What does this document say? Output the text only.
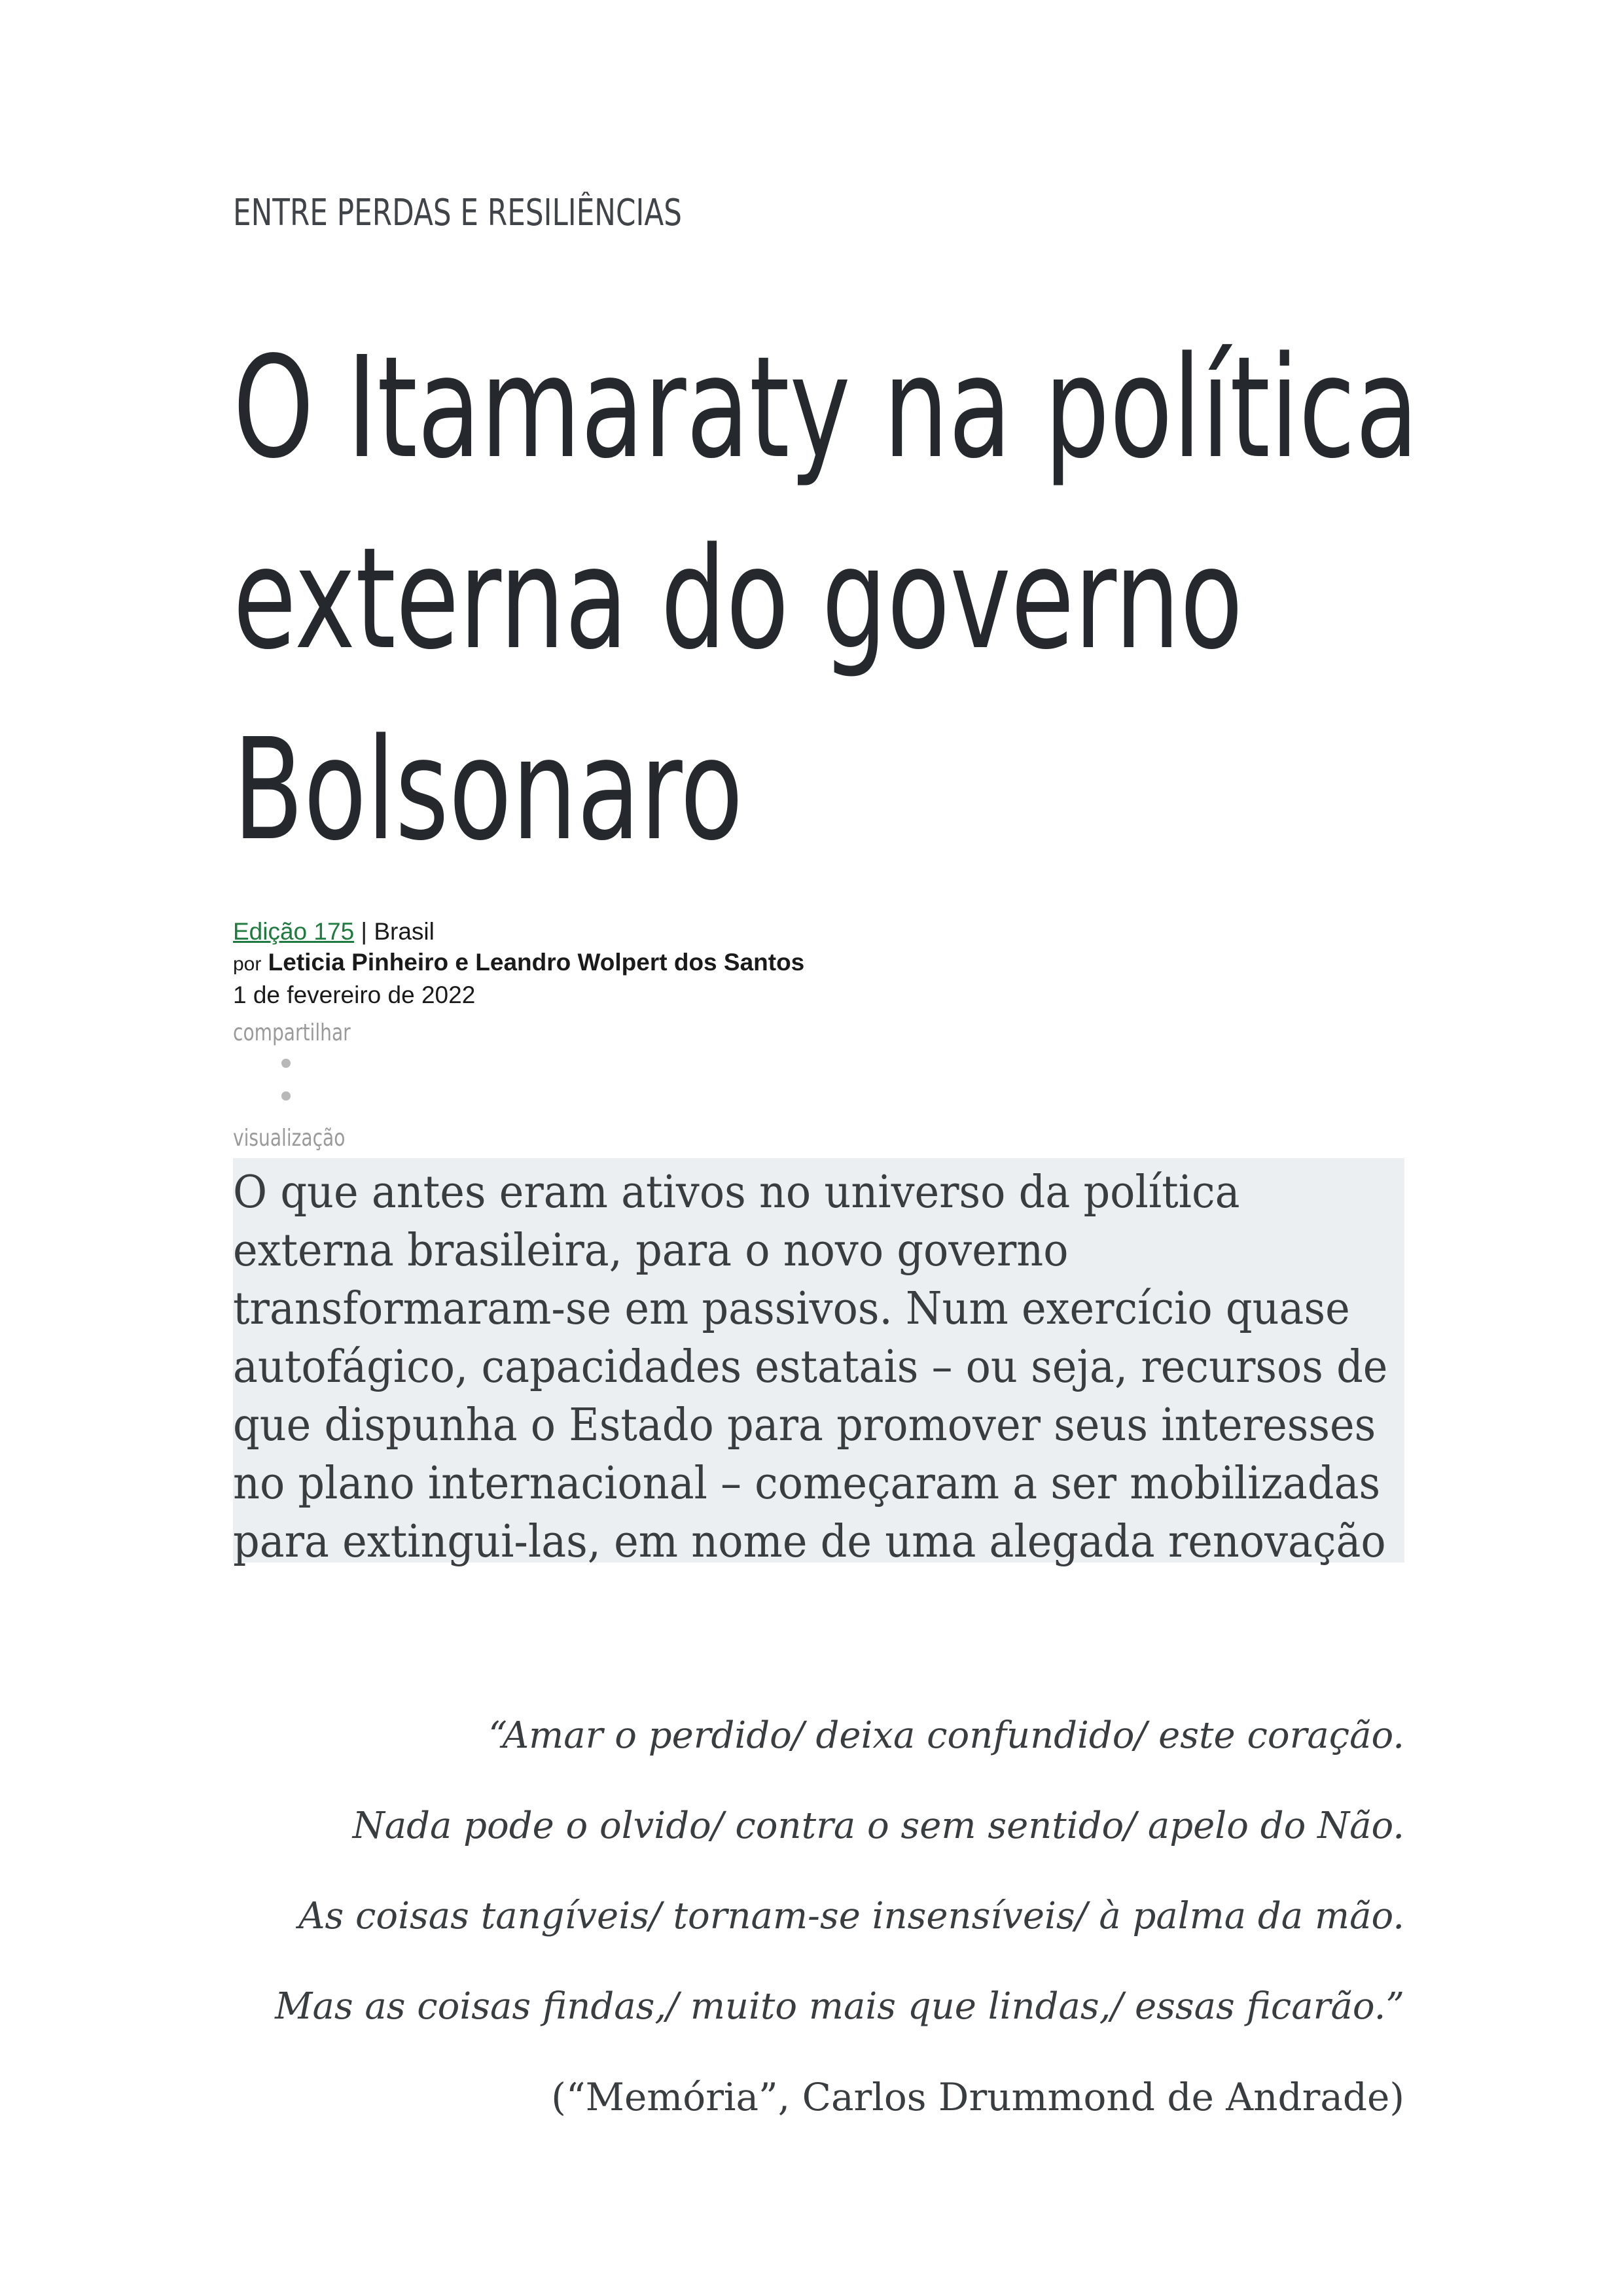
ENTRE PERDAS E RESILIÊNCIAS
O Itamaraty na política
externa do governo
Bolsonaro
Edição 175 | Brasil
por Leticia Pinheiro e Leandro Wolpert dos Santos
1 de fevereiro de 2022
compartilhar
visualização

O que antes eram ativos no universo da política
externa brasileira, para o novo governo
transformaram-se em passivos. Num exercício quase
autofágico, capacidades estatais – ou seja, recursos de
que dispunha o Estado para promover seus interesses
no plano internacional – começaram a ser mobilizadas
para extingui-las, em nome de uma alegada renovação

“Amar o perdido/ deixa confundido/ este coração.
Nada pode o olvido/ contra o sem sentido/ apelo do Não.
As coisas tangíveis/ tornam-se insensíveis/ à palma da mão.
Mas as coisas findas,/ muito mais que lindas,/ essas ficarão.”
(“Memória”, Carlos Drummond de Andrade)
